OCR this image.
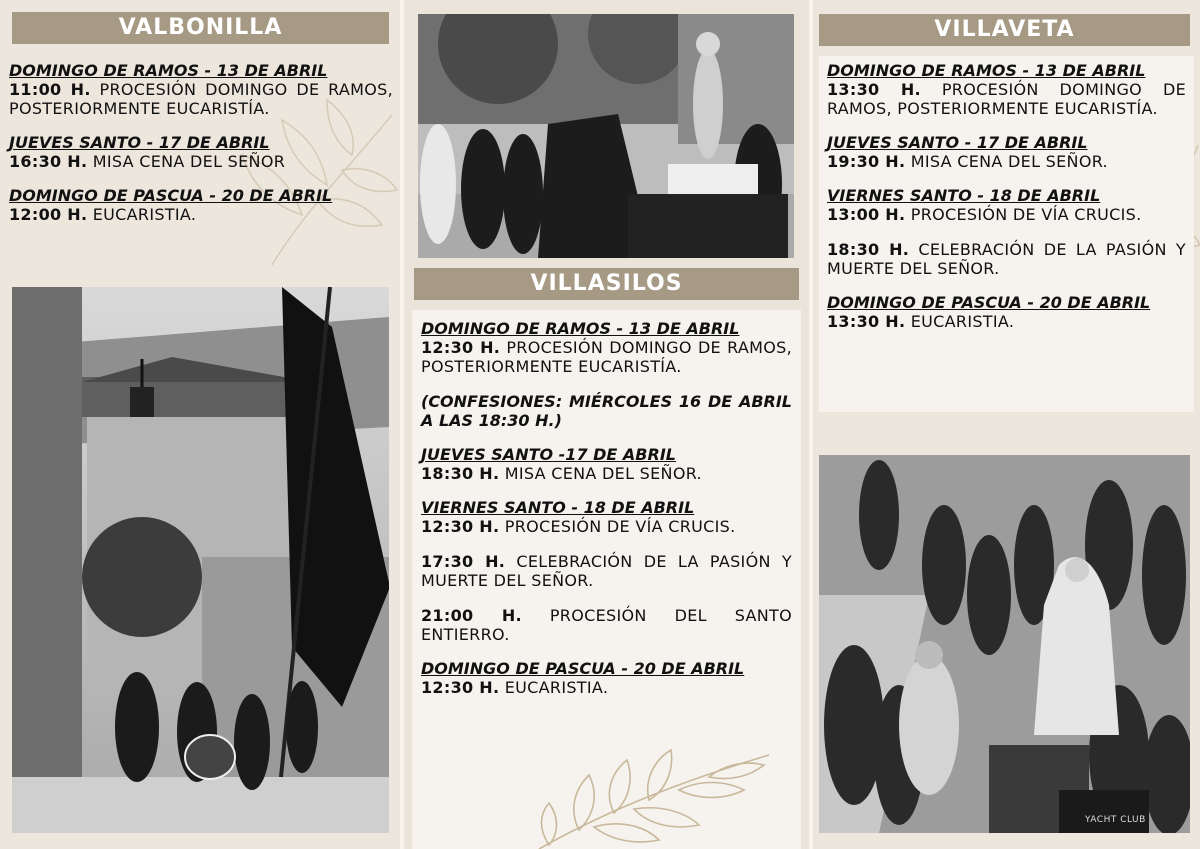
VALBONILLA
DOMINGO DE RAMOS - 13 DE ABRIL
11:00 H. PROCESIÓN DOMINGO DE RAMOS, POSTERIORMENTE EUCARISTÍA.
JUEVES SANTO - 17 DE ABRIL
16:30 H. MISA CENA DEL SEÑOR
DOMINGO DE PASCUA - 20 DE ABRIL
12:00 H. EUCARISTIA.
VILLASILOS
DOMINGO DE RAMOS - 13 DE ABRIL
12:30 H. PROCESIÓN DOMINGO DE RAMOS, POSTERIORMENTE EUCARISTÍA.
(CONFESIONES: MIÉRCOLES 16 DE ABRIL A LAS 18:30 H.)
JUEVES SANTO -17 DE ABRIL
18:30 H. MISA CENA DEL SEÑOR.
VIERNES SANTO - 18 DE ABRIL
12:30 H. PROCESIÓN DE VÍA CRUCIS.
17:30 H. CELEBRACIÓN DE LA PASIÓN Y MUERTE DEL SEÑOR.
21:00 H. PROCESIÓN DEL SANTO ENTIERRO.
DOMINGO DE PASCUA - 20 DE ABRIL
12:30 H. EUCARISTIA.
VILLAVETA
DOMINGO DE RAMOS - 13 DE ABRIL
13:30 H. PROCESIÓN DOMINGO DE RAMOS, POSTERIORMENTE EUCARISTÍA.
JUEVES SANTO - 17 DE ABRIL
19:30 H. MISA CENA DEL SEÑOR.
VIERNES SANTO - 18 DE ABRIL
13:00 H. PROCESIÓN DE VÍA CRUCIS.
18:30 H. CELEBRACIÓN DE LA PASIÓN Y MUERTE DEL SEÑOR.
DOMINGO DE PASCUA - 20 DE ABRIL
13:30 H. EUCARISTIA.
YACHT CLUB
